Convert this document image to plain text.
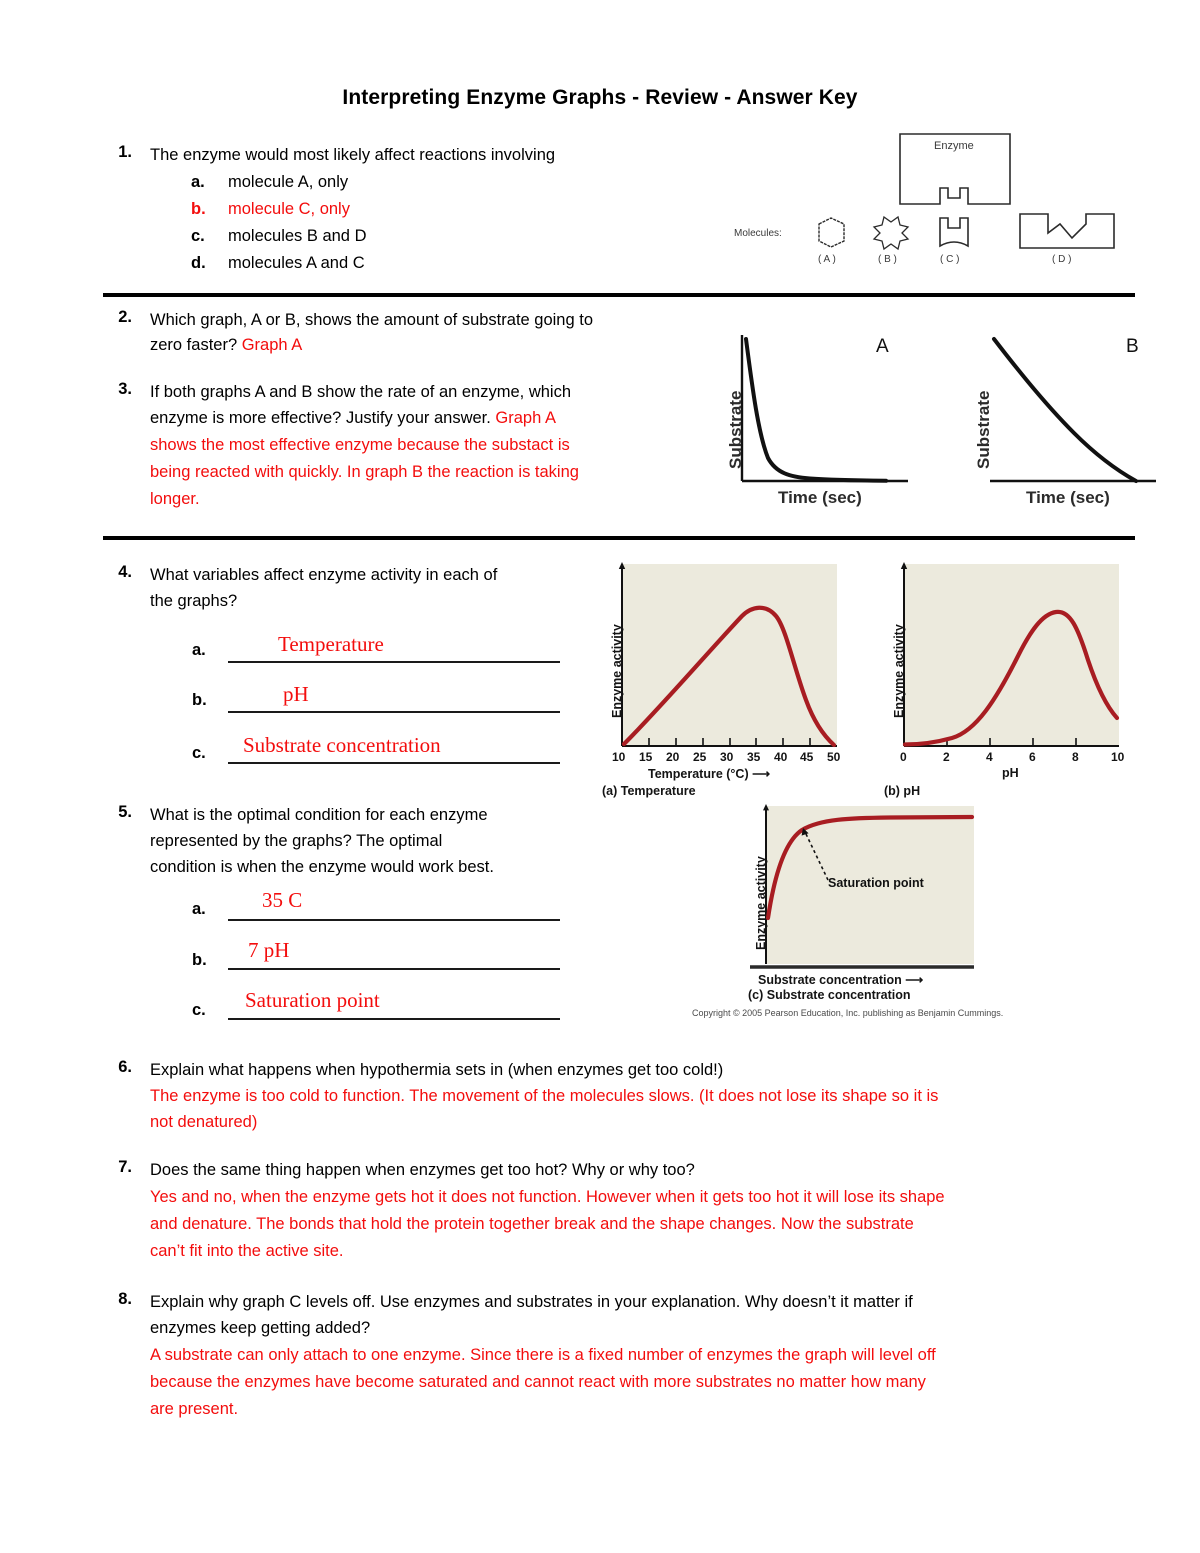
Interpreting Enzyme Graphs - Review - Answer Key
1. The enzyme would most likely affect reactions involving
a.	molecule A, only
b.	molecule C, only
c.	molecules B and D
d.	molecules A and C
Enzyme
Molecules:
( A )	( B )	( C )	( D )
2. Which graph, A or B, shows the amount of substrate going to
zero faster? Graph A
3. If both graphs A and B show the rate of an enzyme, which
enzyme is more effective? Justify your answer. Graph A
shows the most effective enzyme because the substact is
being reacted with quickly. In graph B the reaction is taking
longer.
A
Substrate
Time (sec)
B
Substrate
Time (sec)
4. What variables affect enzyme activity in each of
the graphs?
a.	Temperature
b.	pH
c.	Substrate concentration
Enzyme activity
10 15 20 25 30 35 40 45 50
Temperature (°C) ⟶
(a) Temperature
Enzyme activity
0	2	4	6	8	10
pH
(b) pH
5. What is the optimal condition for each enzyme
represented by the graphs? The optimal
condition is when the enzyme would work best.
a.	35 C
b.	7 pH
c.	Saturation point
Enzyme activity	Saturation point
Substrate concentration ⟶
(c) Substrate concentration
Copyright © 2005 Pearson Education, Inc. publishing as Benjamin Cummings.
6. Explain what happens when hypothermia sets in (when enzymes get too cold!)
The enzyme is too cold to function. The movement of the molecules slows. (It does not lose its shape so it is
not denatured)
7. Does the same thing happen when enzymes get too hot? Why or why too?
Yes and no, when the enzyme gets hot it does not function. However when it gets too hot it will lose its shape
and denature. The bonds that hold the protein together break and the shape changes. Now the substrate
can’t fit into the active site.
8. Explain why graph C levels off. Use enzymes and substrates in your explanation. Why doesn’t it matter if
enzymes keep getting added?
A substrate can only attach to one enzyme. Since there is a fixed number of enzymes the graph will level off
because the enzymes have become saturated and cannot react with more substrates no matter how many
are present.
